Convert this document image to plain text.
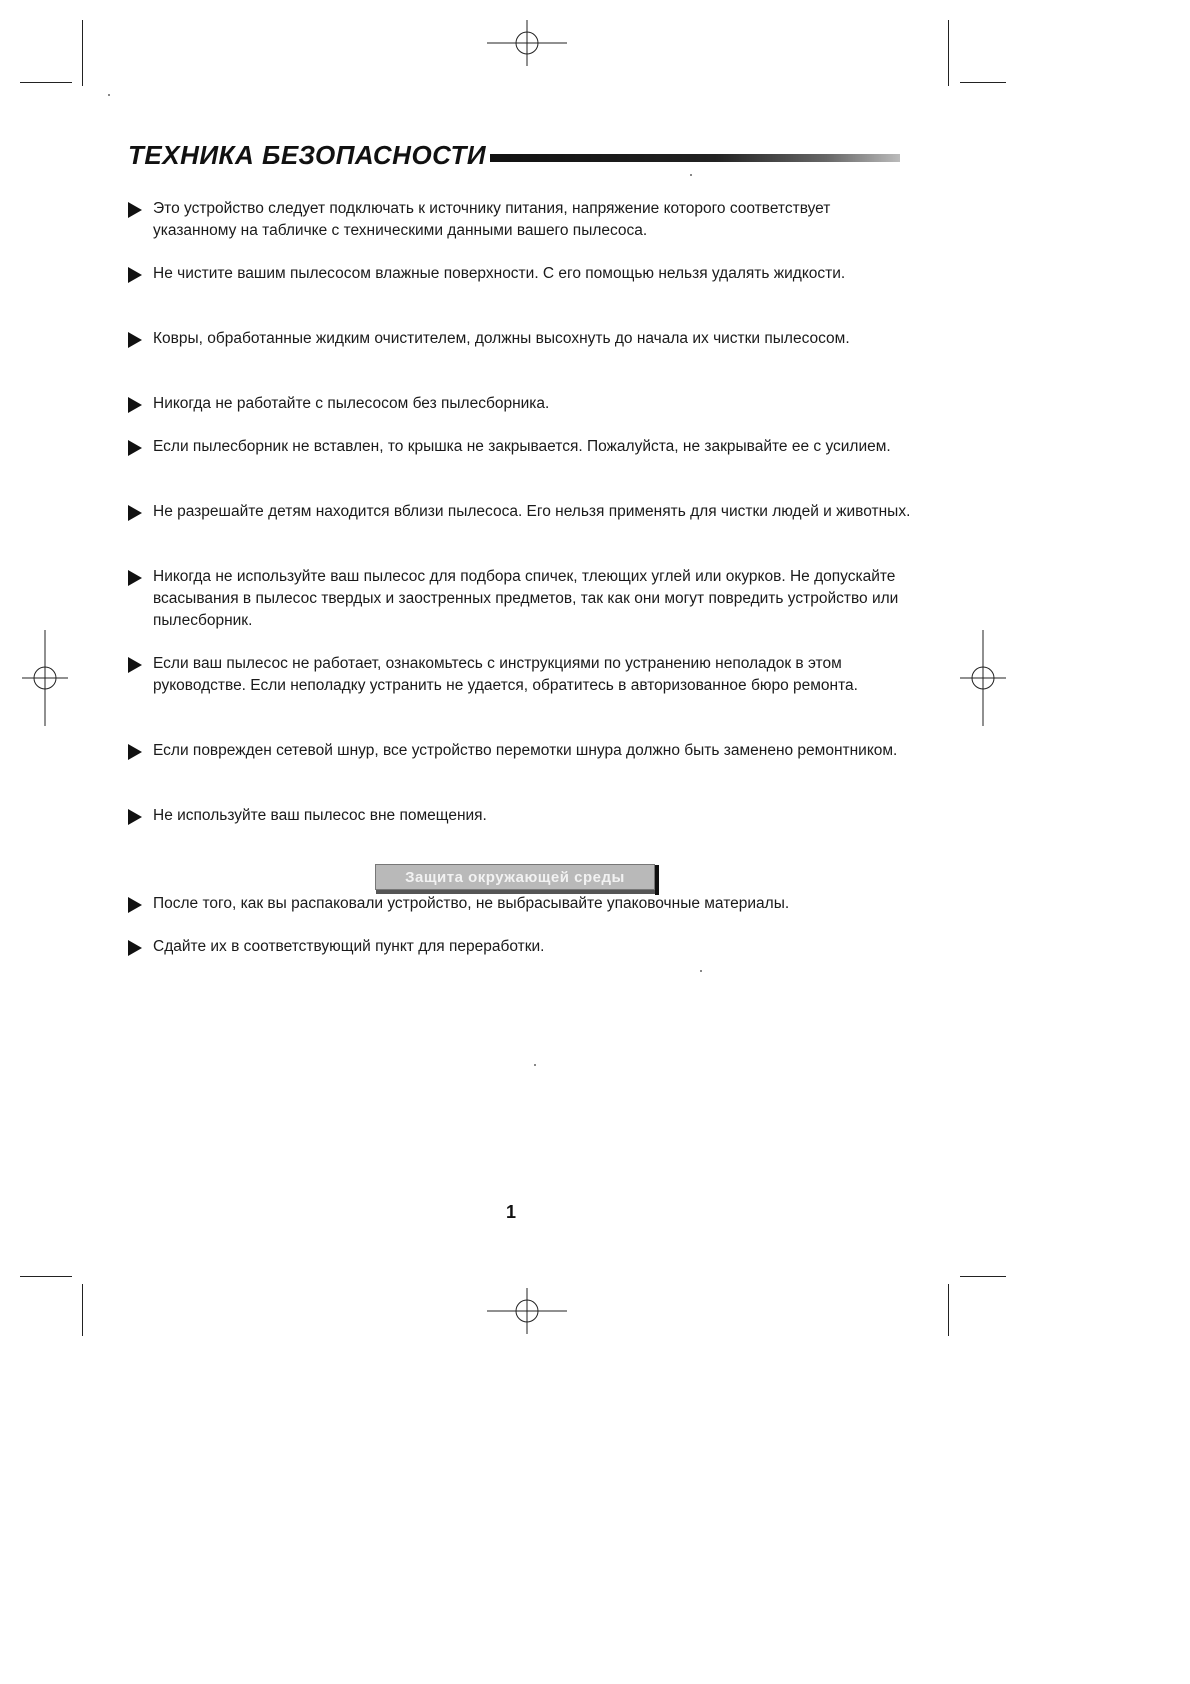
ТЕХНИКА БЕЗОПАСНОСТИ
Это устройство следует подключать к источнику питания, напряжение которого соответствует указанному на табличке с техническими данными вашего пылесоса.
Не чистите вашим пылесосом влажные поверхности. С его помощью нельзя удалять жидкости.
Ковры, обработанные жидким очистителем, должны высохнуть до начала их чистки пылесосом.
Никогда не работайте с пылесосом без пылесборника.
Если пылесборник не вставлен, то крышка не закрывается. Пожалуйста, не закрывайте ее с усилием.
Не разрешайте детям находится вблизи пылесоса. Его нельзя применять для чистки людей и животных.
Никогда не используйте ваш пылесос для подбора спичек, тлеющих углей или окурков. Не допускайте всасывания в пылесос твердых и заостренных предметов, так как они могут повредить устройство или пылесборник.
Если ваш пылесос не работает, ознакомьтесь с инструкциями по устранению неполадок в этом руководстве. Если неполадку устранить не удается, обратитесь в авторизованное бюро ремонта.
Если поврежден сетевой шнур, все устройство перемотки шнура должно быть заменено ремонтником.
Не используйте ваш пылесос вне помещения.
Защита окружающей среды
После того, как вы распаковали устройство, не выбрасывайте упаковочные материалы.
Сдайте их в соответствующий пункт для переработки.
1
